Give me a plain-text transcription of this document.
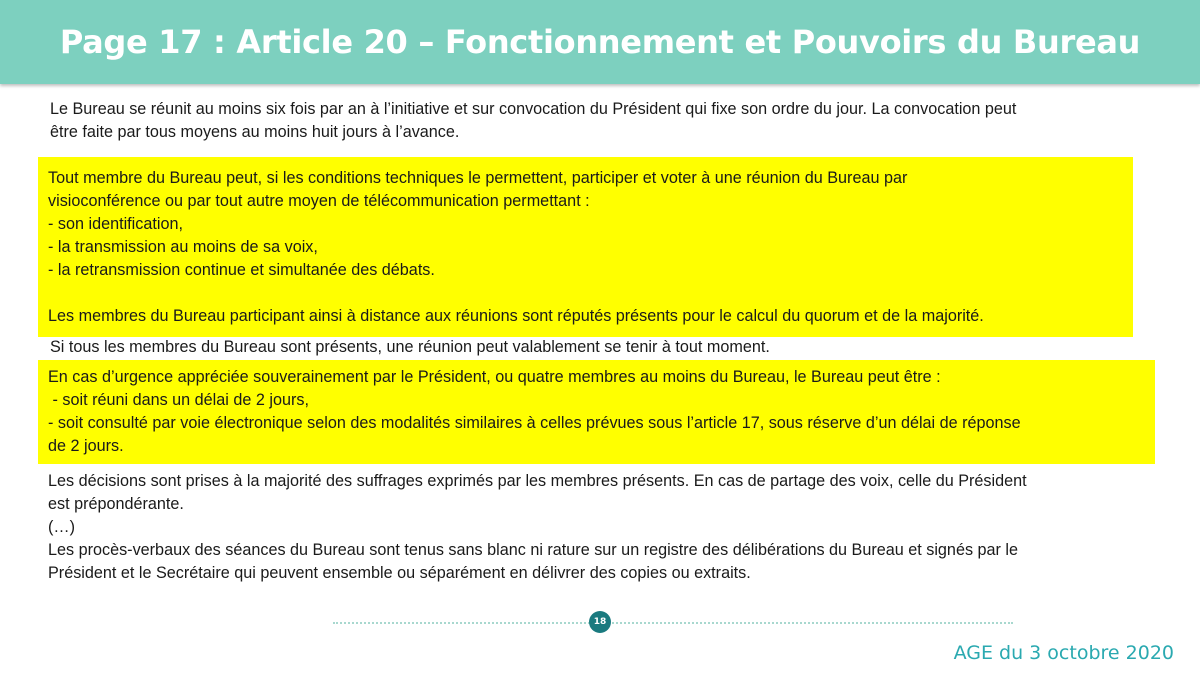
Page 17 : Article 20 – Fonctionnement et Pouvoirs du Bureau
Le Bureau se réunit au moins six fois par an à l’initiative et sur convocation du Président qui fixe son ordre du jour. La convocation peut
être faite par tous moyens au moins huit jours à l’avance.
Tout membre du Bureau peut, si les conditions techniques le permettent, participer et voter à une réunion du Bureau par
visioconférence ou par tout autre moyen de télécommunication permettant :
- son identification,
- la transmission au moins de sa voix,
- la retransmission continue et simultanée des débats.
Les membres du Bureau participant ainsi à distance aux réunions sont réputés présents pour le calcul du quorum et de la majorité.
Si tous les membres du Bureau sont présents, une réunion peut valablement se tenir à tout moment.
En cas d’urgence appréciée souverainement par le Président, ou quatre membres au moins du Bureau, le Bureau peut être :
- soit réuni dans un délai de 2 jours,
- soit consulté par voie électronique selon des modalités similaires à celles prévues sous l’article 17, sous réserve d’un délai de réponse
de 2 jours.
Les décisions sont prises à la majorité des suffrages exprimés par les membres présents. En cas de partage des voix, celle du Président
est prépondérante.
(…)
Les procès-verbaux des séances du Bureau sont tenus sans blanc ni rature sur un registre des délibérations du Bureau et signés par le
Président et le Secrétaire qui peuvent ensemble ou séparément en délivrer des copies ou extraits.
18
AGE du 3 octobre 2020
